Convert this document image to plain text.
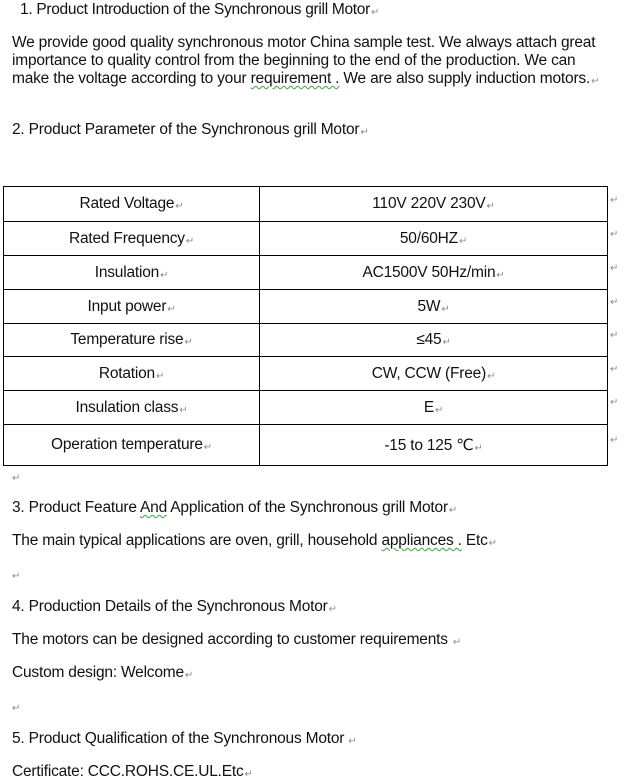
1. Product Introduction of the Synchronous grill Motor↵
We provide good quality synchronous motor China sample test. We always attach great importance to quality control from the beginning to the end of the production. We can make the voltage according to your requirement . We are also supply induction motors.↵
2. Product Parameter of the Synchronous grill Motor↵
Rated Voltage↵	110V 220V 230V↵
Rated Frequency↵	50/60HZ↵
Insulation↵	AC1500V 50Hz/min↵
Input power↵	5W↵
Temperature rise↵	≤45↵
Rotation↵	CW, CCW (Free)↵
Insulation class↵	E↵
Operation temperature↵	-15 to 125 ℃↵
↵
↵
↵
↵
↵
↵
↵
↵
↵
3. Product Feature And Application of the Synchronous grill Motor↵
The main typical applications are oven, grill, household appliances . Etc↵
↵
4. Production Details of the Synchronous Motor↵
The motors can be designed according to customer requirements ↵
Custom design: Welcome↵
↵
5. Product Qualification of the Synchronous Motor ↵
Certificate: CCC.ROHS.CE.UL.Etc↵
